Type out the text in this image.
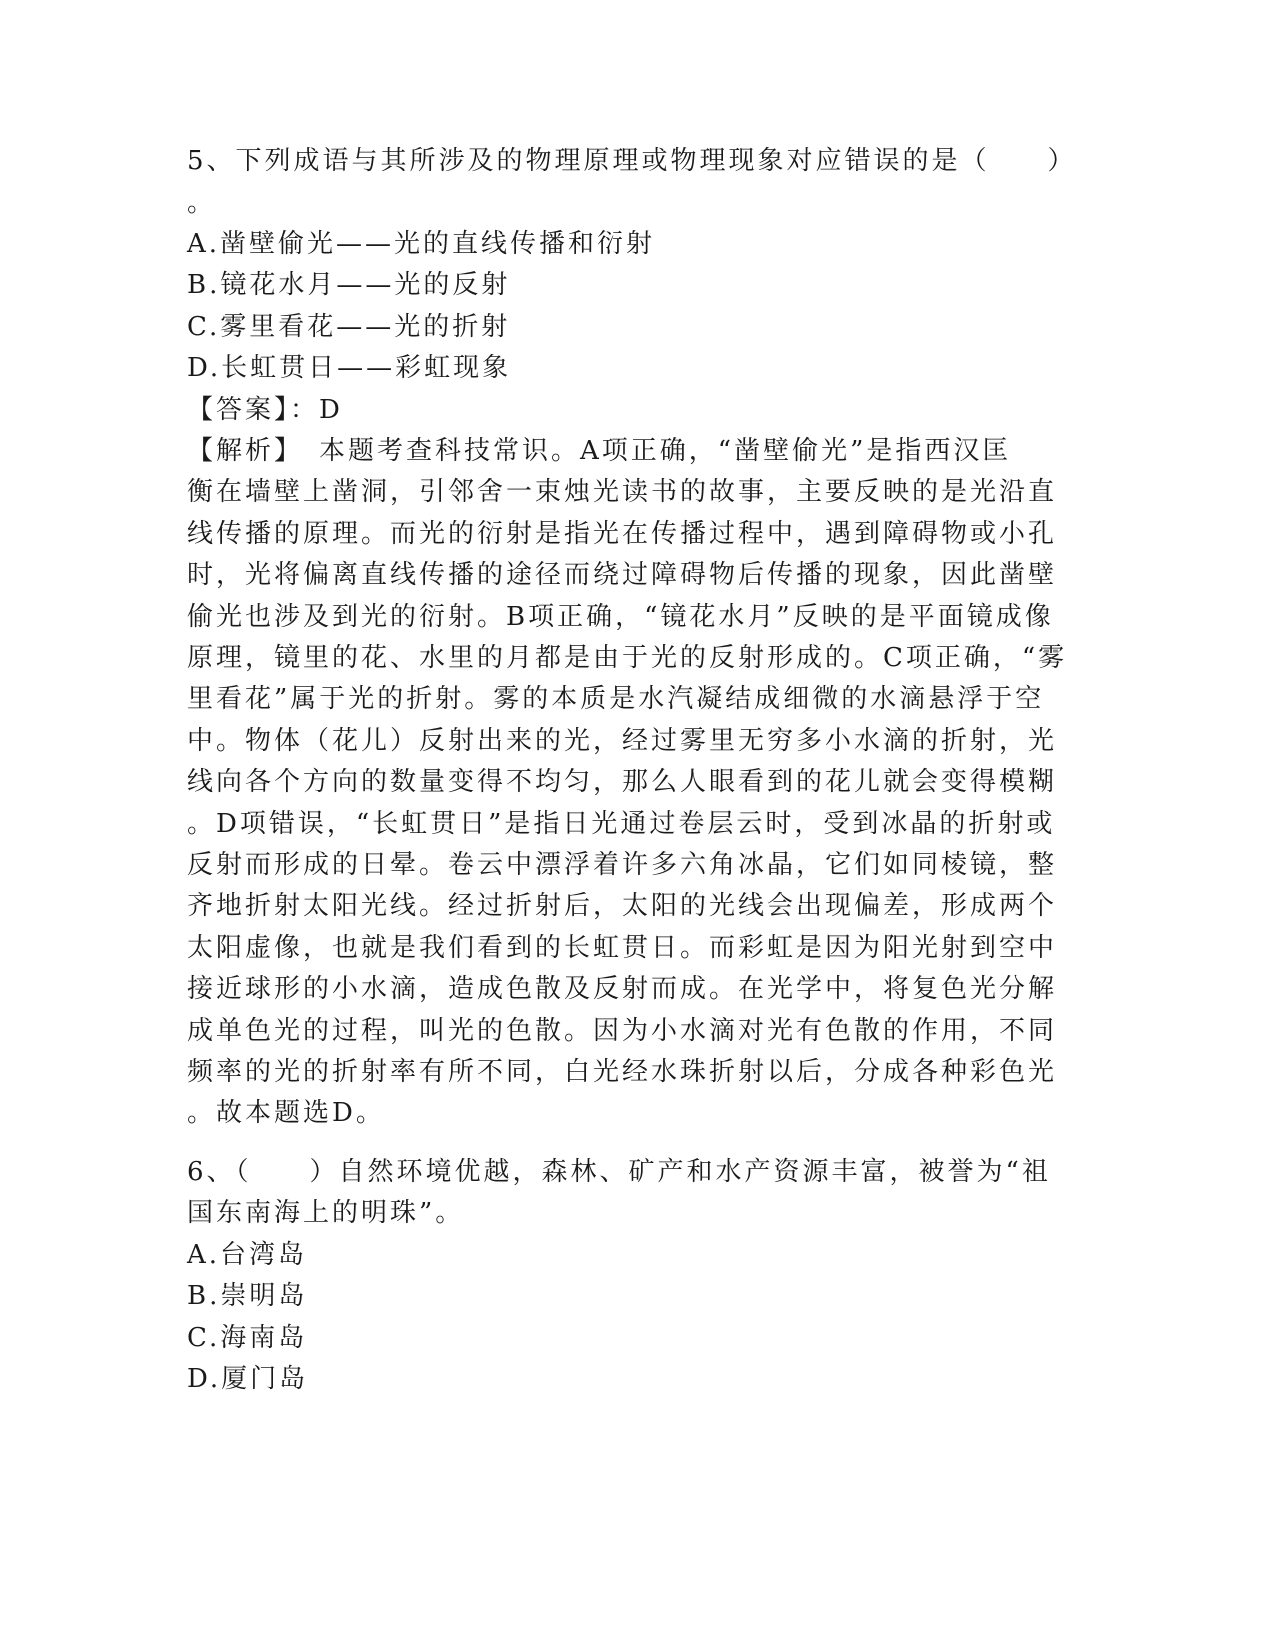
5、下列成语与其所涉及的物理原理或物理现象对应错误的是（　　）
。
A.凿壁偷光——光的直线传播和衍射
B.镜花水月——光的反射
C.雾里看花——光的折射
D.长虹贯日——彩虹现象
【答案】：D
【解析】　本题考查科技常识。A项正确，“凿壁偷光”是指西汉匡
衡在墙壁上凿洞，引邻舍一束烛光读书的故事，主要反映的是光沿直
线传播的原理。而光的衍射是指光在传播过程中，遇到障碍物或小孔
时，光将偏离直线传播的途径而绕过障碍物后传播的现象，因此凿壁
偷光也涉及到光的衍射。B项正确，“镜花水月”反映的是平面镜成像
原理，镜里的花、水里的月都是由于光的反射形成的。C项正确，“雾
里看花”属于光的折射。雾的本质是水汽凝结成细微的水滴悬浮于空
中。物体（花儿）反射出来的光，经过雾里无穷多小水滴的折射，光
线向各个方向的数量变得不均匀，那么人眼看到的花儿就会变得模糊
。D项错误，“长虹贯日”是指日光通过卷层云时，受到冰晶的折射或
反射而形成的日晕。卷云中漂浮着许多六角冰晶，它们如同棱镜，整
齐地折射太阳光线。经过折射后，太阳的光线会出现偏差，形成两个
太阳虚像，也就是我们看到的长虹贯日。而彩虹是因为阳光射到空中
接近球形的小水滴，造成色散及反射而成。在光学中，将复色光分解
成单色光的过程，叫光的色散。因为小水滴对光有色散的作用，不同
频率的光的折射率有所不同，白光经水珠折射以后，分成各种彩色光
。故本题选D。
6、（　　）自然环境优越，森林、矿产和水产资源丰富，被誉为“祖
国东南海上的明珠”。
A.台湾岛
B.崇明岛
C.海南岛
D.厦门岛
